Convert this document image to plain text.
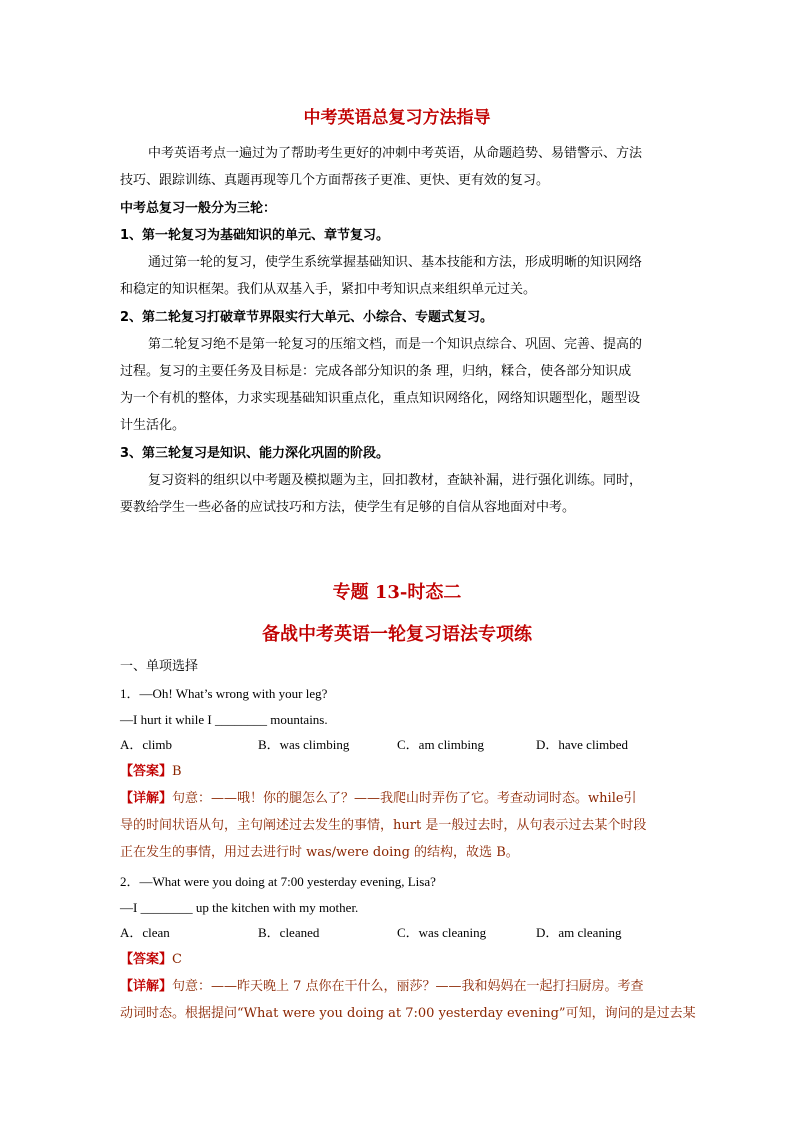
中考英语总复习方法指导
中考英语考点一遍过为了帮助考生更好的冲刺中考英语，从命题趋势、易错警示、方法
技巧、跟踪训练、真题再现等几个方面帮孩子更准、更快、更有效的复习。
中考总复习一般分为三轮：
1、第一轮复习为基础知识的单元、章节复习。
通过第一轮的复习，使学生系统掌握基础知识、基本技能和方法，形成明晰的知识网络
和稳定的知识框架。我们从双基入手，紧扣中考知识点来组织单元过关。
2、第二轮复习打破章节界限实行大单元、小综合、专题式复习。
第二轮复习绝不是第一轮复习的压缩文档，而是一个知识点综合、巩固、完善、提高的
过程。复习的主要任务及目标是：完成各部分知识的条 理，归纳，糅合，使各部分知识成
为一个有机的整体，力求实现基础知识重点化，重点知识网络化，网络知识题型化，题型设
计生活化。
3、第三轮复习是知识、能力深化巩固的阶段。
复习资料的组织以中考题及模拟题为主，回扣教材，查缺补漏，进行强化训练。同时，
要教给学生一些必备的应试技巧和方法，使学生有足够的自信从容地面对中考。
专题 13-时态二
备战中考英语一轮复习语法专项练
一、单项选择
1．—Oh! What’s wrong with your leg?
—I hurt it while I ________ mountains.
A．climb	B．was climbing	C．am climbing	D．have climbed
【答案】B
【详解】句意：——哦！你的腿怎么了？——我爬山时弄伤了它。考查动词时态。while引
导的时间状语从句，主句阐述过去发生的事情，hurt 是一般过去时，从句表示过去某个时段
正在发生的事情，用过去进行时 was/were doing 的结构，故选 B。
2．—What were you doing at 7:00 yesterday evening, Lisa?
—I ________ up the kitchen with my mother.
A．clean	B．cleaned	C．was cleaning	D．am cleaning
【答案】C
【详解】句意：——昨天晚上 7 点你在干什么，丽莎？——我和妈妈在一起打扫厨房。考查
动词时态。根据提问“What were you doing at 7:00 yesterday evening”可知，询问的是过去某
